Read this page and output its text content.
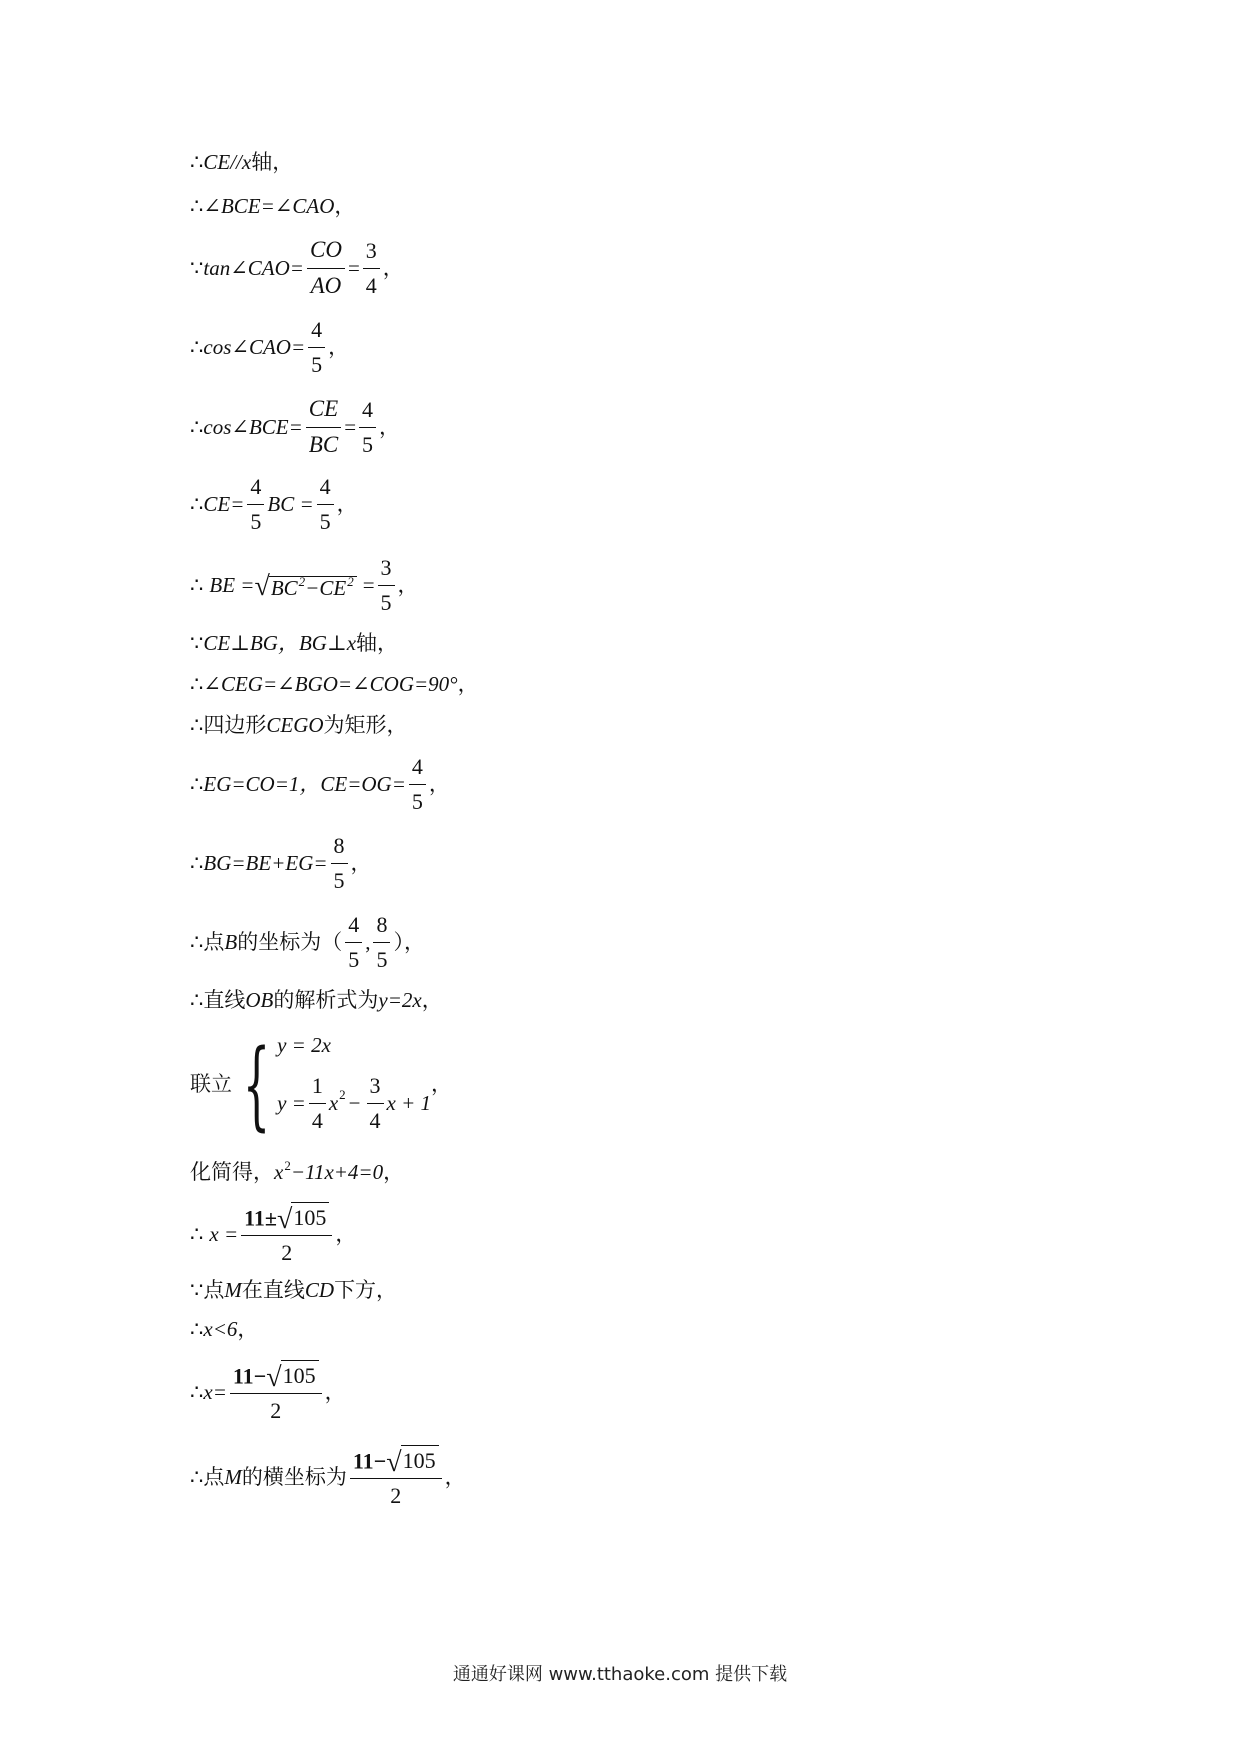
∴ CE//x 轴，
∴ ∠BCE=∠CAO ，
∵ tan∠CAO= $\frac{CO}{AO} = \frac{3}{4}$ ，
∴ cos∠CAO= $\frac{4}{5}$ ，
∴ cos∠BCE= $\frac{CE}{BC} = \frac{4}{5}$ ，
∴ $CE= \frac{4}{5}$ BC = $\frac{4}{5}$ ，
∴ BE = √ $BC^2-CE^2 = \frac{3}{5}$ ，
∵ CE⊥BG，BG⊥x 轴，
∴ ∠CEG=∠BGO=∠COG=90° ，
∴ 四边形 CEGO 为矩形，
∴ EG=CO=1，$CE=OG= \frac{4}{5}$ ，
∴ $BG=BE+EG= \frac{8}{5}$ ，
∴ 点 B 的坐标为（ $\frac{4}{5}$ , $\frac{8}{5}$ ），
∴ 直线 OB 的解析式为 y=2x ，
联立 { y = 2x
$y = \frac{1}{4}$ x $2 - \frac{3}{4}$ x + 1
，
化简得， x 2 −11x+4=0 ，
∴ $x = \frac{11\pm √ 105}{2}$ ，
∵ 点 M 在直线 CD 下方，
∴ x<6 ，
∴ $x= \frac{11- √ 105}{2}$ ，
∴ 点 M 的横坐标为 $\frac{11- √ 105}{2}$ ，
通通好课网 www.tthaoke.com 提供下载
